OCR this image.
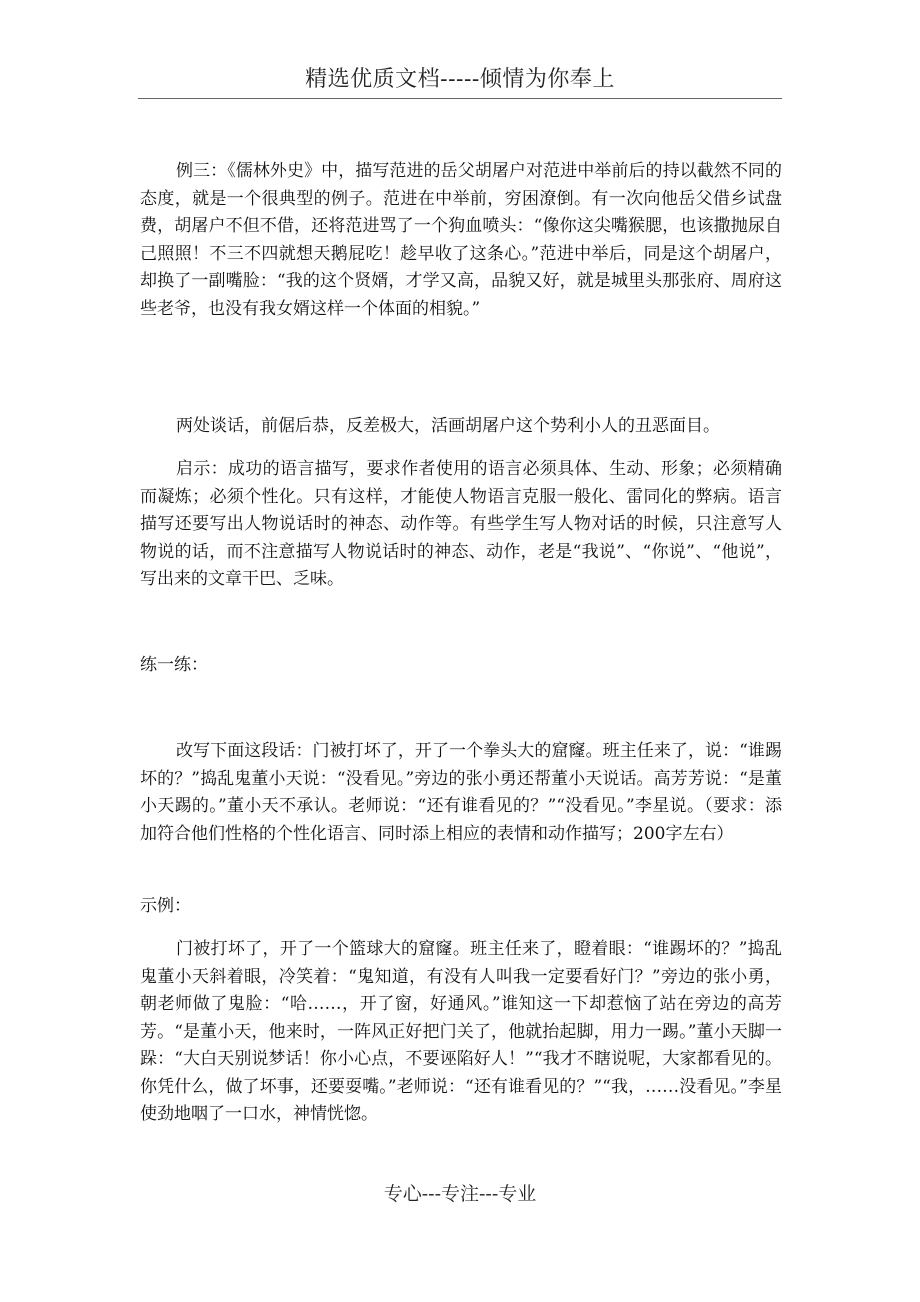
精选优质文档-----倾情为你奉上
例三：《儒林外史》中，描写范进的岳父胡屠户对范进中举前后的持以截然不同的态度，就是一个很典型的例子。范进在中举前，穷困潦倒。有一次向他岳父借乡试盘费，胡屠户不但不借，还将范进骂了一个狗血喷头：“像你这尖嘴猴腮，也该撒抛尿自己照照！不三不四就想天鹅屁吃！趁早收了这条心。”范进中举后，同是这个胡屠户，却换了一副嘴脸：“我的这个贤婿，才学又高，品貌又好，就是城里头那张府、周府这些老爷，也没有我女婿这样一个体面的相貌。”
两处谈话，前倨后恭，反差极大，活画胡屠户这个势利小人的丑恶面目。
启示：成功的语言描写，要求作者使用的语言必须具体、生动、形象；必须精确而凝炼；必须个性化。只有这样，才能使人物语言克服一般化、雷同化的弊病。语言描写还要写出人物说话时的神态、动作等。有些学生写人物对话的时候，只注意写人物说的话，而不注意描写人物说话时的神态、动作，老是“我说”、“你说”、“他说”，写出来的文章干巴、乏味。
练一练：
改写下面这段话：门被打坏了，开了一个拳头大的窟窿。班主任来了，说：“谁踢坏的？”捣乱鬼董小天说：“没看见。”旁边的张小勇还帮董小天说话。高芳芳说：“是董小天踢的。”董小天不承认。老师说：“还有谁看见的？”“没看见。”李星说。（要求：添加符合他们性格的个性化语言、同时添上相应的表情和动作描写；200字左右）
示例：
门被打坏了，开了一个篮球大的窟窿。班主任来了，瞪着眼：“谁踢坏的？”捣乱鬼董小天斜着眼，冷笑着：“鬼知道，有没有人叫我一定要看好门？”旁边的张小勇，朝老师做了鬼脸：“哈……，开了窗，好通风。”谁知这一下却惹恼了站在旁边的高芳芳。“是董小天，他来时，一阵风正好把门关了，他就抬起脚，用力一踢。”董小天脚一跺：“大白天别说梦话！你小心点，不要诬陷好人！”“我才不瞎说呢，大家都看见的。你凭什么，做了坏事，还要耍嘴。”老师说：“还有谁看见的？”“我，……没看见。”李星使劲地咽了一口水，神情恍惚。
专心---专注---专业
